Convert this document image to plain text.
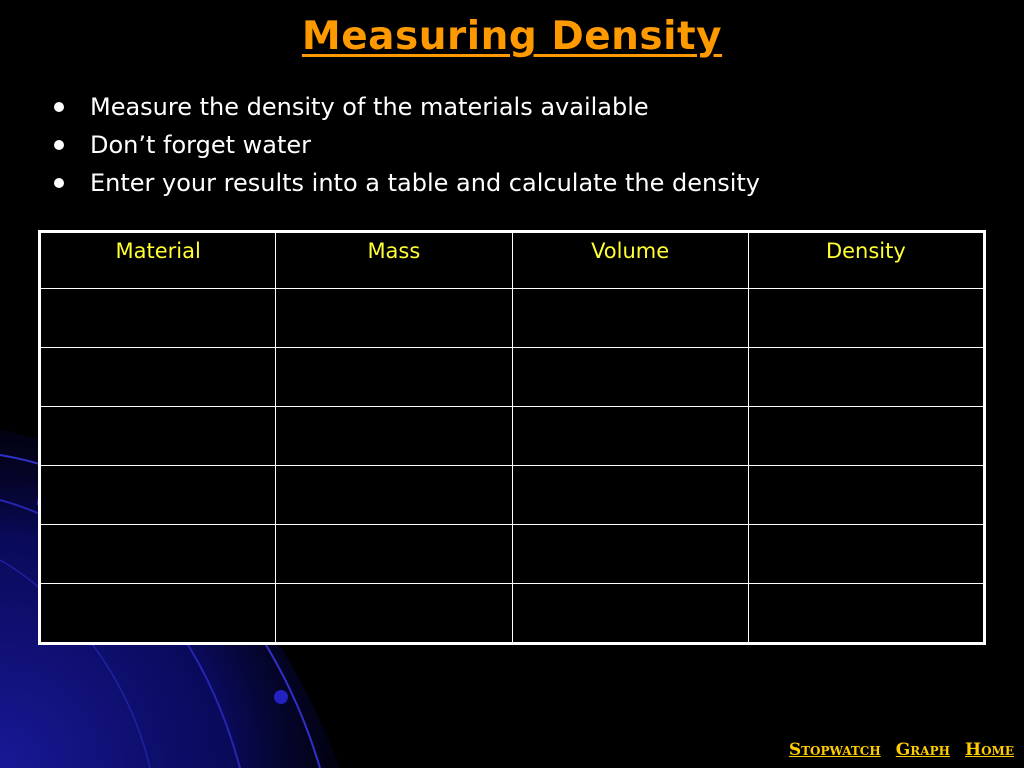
Measuring Density
Measure the density of the materials available
Don’t forget water
Enter your results into a table and calculate the density
Material	Mass	Volume	Density

Stopwatch Graph Home
